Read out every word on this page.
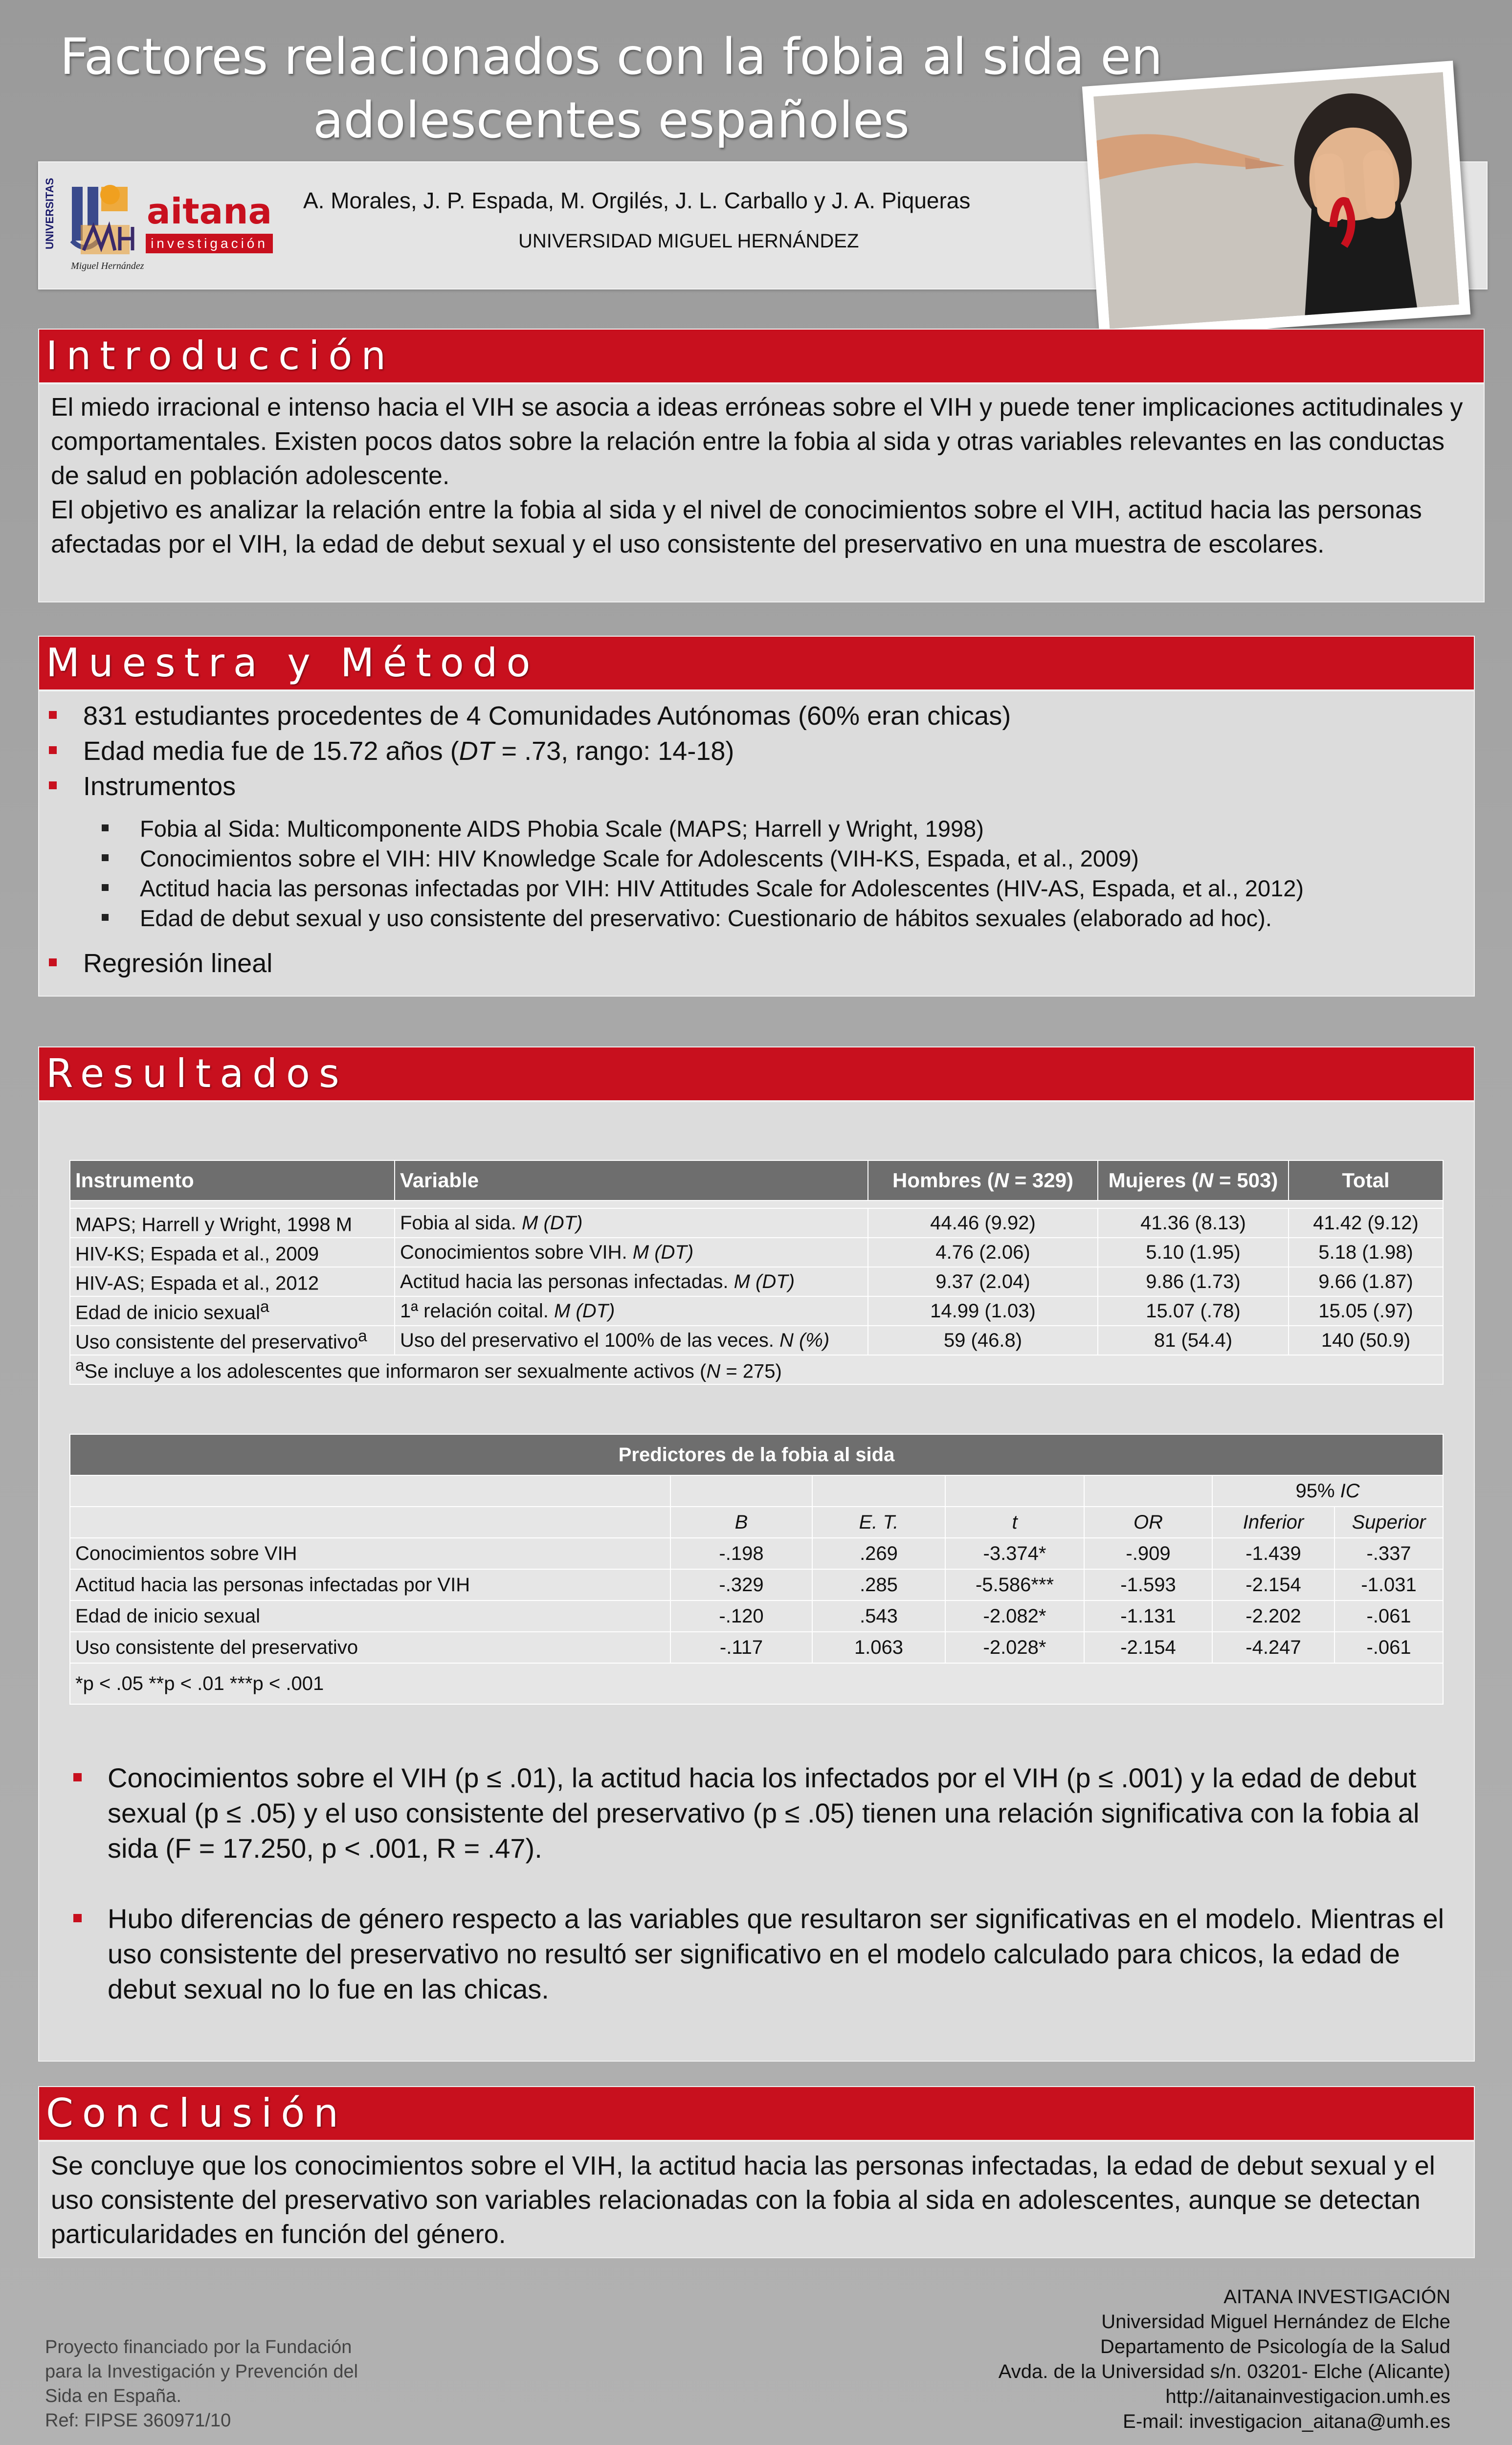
Factores relacionados con la fobia al sida en
adolescentes españoles
UNIVERSITAS
Miguel Hernández
aitana
investigación
A. Morales, J. P. Espada, M. Orgilés, J. L. Carballo y J. A. Piqueras
UNIVERSIDAD MIGUEL HERNÁNDEZ
Introducción
El miedo irracional e intenso hacia el VIH se asocia a ideas erróneas sobre el VIH y puede tener implicaciones actitudinales y comportamentales. Existen pocos datos sobre la relación entre la fobia al sida y otras variables relevantes en las conductas de salud en población adolescente.
El objetivo es analizar la relación entre la fobia al sida y el nivel de conocimientos sobre el VIH, actitud hacia las personas afectadas por el VIH, la edad de debut sexual y el uso consistente del preservativo en una muestra de escolares.
Muestra y Método
831 estudiantes procedentes de 4 Comunidades Autónomas (60% eran chicas)
Edad media fue de 15.72 años (DT = .73, rango: 14-18)
Instrumentos
Fobia al Sida: Multicomponente AIDS Phobia Scale (MAPS; Harrell y Wright, 1998)
Conocimientos sobre el VIH: HIV Knowledge Scale for Adolescents (VIH-KS, Espada, et al., 2009)
Actitud hacia las personas infectadas por VIH: HIV Attitudes Scale for Adolescentes (HIV-AS, Espada, et al., 2012)
Edad de debut sexual y uso consistente del preservativo: Cuestionario de hábitos sexuales (elaborado ad hoc).
Regresión lineal
Resultados
Instrumento	Variable	Hombres (N = 329)	Mujeres (N = 503)	Total

MAPS; Harrell y Wright, 1998 M	Fobia al sida. M (DT)	44.46 (9.92)	41.36 (8.13)	41.42 (9.12)
HIV-KS; Espada et al., 2009	Conocimientos sobre VIH. M (DT)	4.76 (2.06)	5.10 (1.95)	5.18 (1.98)
HIV-AS; Espada et al., 2012	Actitud hacia las personas infectadas. M (DT)	9.37 (2.04)	9.86 (1.73)	9.66 (1.87)
Edad de inicio sexual$^a$	1ª relación coital. M (DT)	14.99 (1.03)	15.07 (.78)	15.05 (.97)
Uso consistente del preservativo$^a$	Uso del preservativo el 100% de las veces. N (%)	59 (46.8)	81 (54.4)	140 (50.9)
$^a$Se incluye a los adolescentes que informaron ser sexualmente activos (N = 275)				
Predictores de la fobia al sida						
					95% IC	
	B	E. T.	t	OR	Inferior	Superior
Conocimientos sobre VIH	-.198	.269	-3.374*	-.909	-1.439	-.337
Actitud hacia las personas infectadas por VIH	-.329	.285	-5.586***	-1.593	-2.154	-1.031
Edad de inicio sexual	-.120	.543	-2.082*	-1.131	-2.202	-.061
Uso consistente del preservativo	-.117	1.063	-2.028*	-2.154	-4.247	-.061
*p < .05 **p < .01 ***p < .001						
Conocimientos sobre el VIH (p ≤ .01), la actitud hacia los infectados por el VIH (p ≤ .001) y la edad de debut sexual (p ≤ .05) y el uso consistente del preservativo (p ≤ .05) tienen una relación significativa con la fobia al sida (F = 17.250, p < .001, R = .47).
Hubo diferencias de género respecto a las variables que resultaron ser significativas en el modelo. Mientras el uso consistente del preservativo no resultó ser significativo en el modelo calculado para chicos, la edad de debut sexual no lo fue en las chicas.
Conclusión
Se concluye que los conocimientos sobre el VIH, la actitud hacia las personas infectadas, la edad de debut sexual y el uso consistente del preservativo son variables relacionadas con la fobia al sida en adolescentes, aunque se detectan particularidades en función del género.
Proyecto financiado por la Fundación
para la Investigación y Prevención del
Sida en España.
Ref: FIPSE 360971/10
AITANA INVESTIGACIÓN
Universidad Miguel Hernández de Elche
Departamento de Psicología de la Salud
Avda. de la Universidad s/n. 03201- Elche (Alicante)
http://aitanainvestigacion.umh.es
E-mail: investigacion_aitana@umh.es
